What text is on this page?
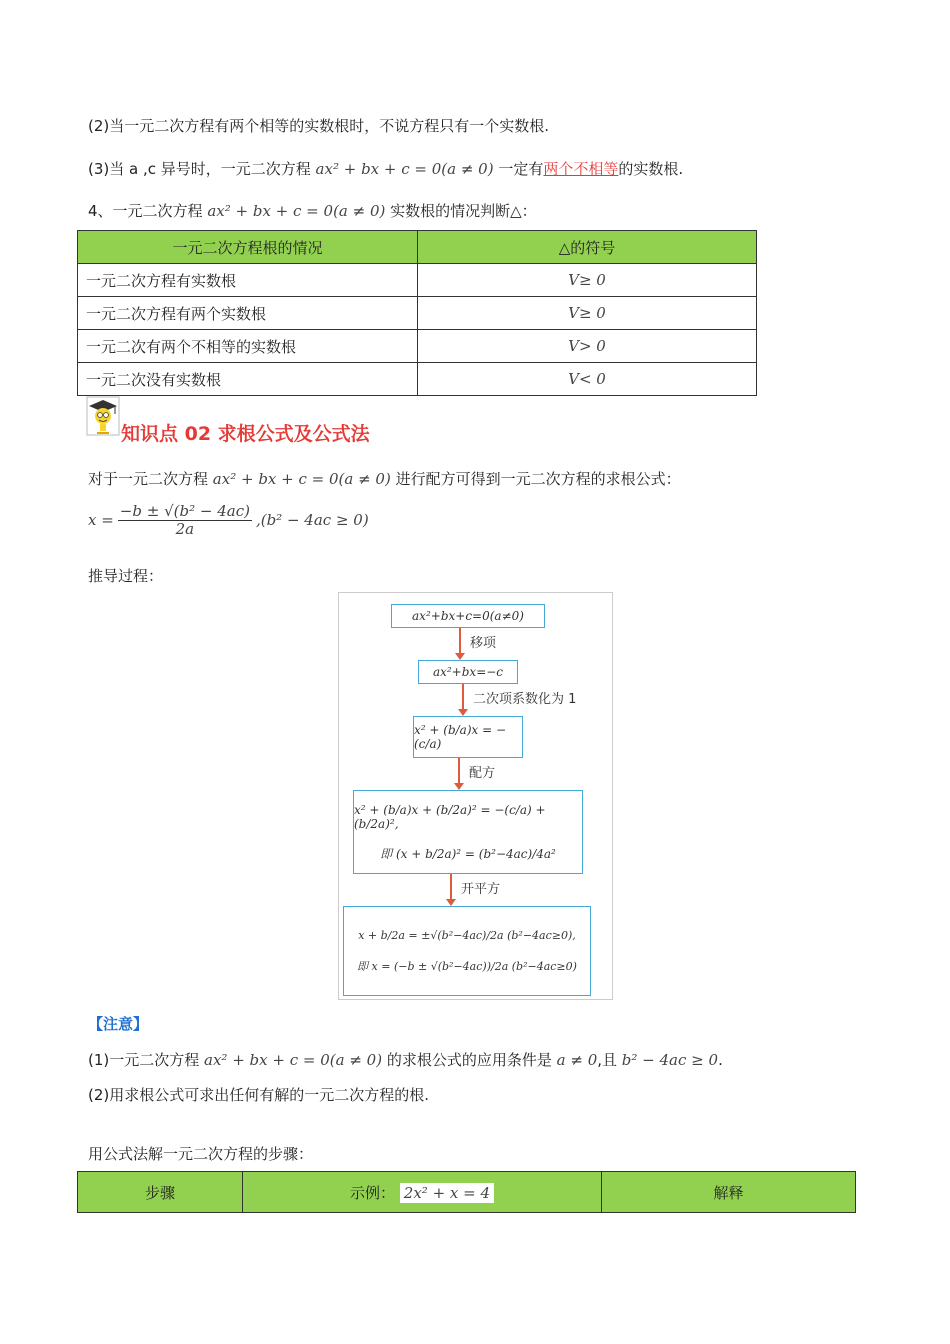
(2)当一元二次方程有两个相等的实数根时，不说方程只有一个实数根.
(3)当 a ,c 异号时，一元二次方程 ax² + bx + c = 0(a ≠ 0) 一定有两个不相等的实数根.
4、一元二次方程 ax² + bx + c = 0(a ≠ 0) 实数根的情况判断△：
一元二次方程根的情况	△的符号
一元二次方程有实数根	V≥ 0
一元二次方程有两个实数根	V≥ 0
一元二次有两个不相等的实数根	V> 0
一元二次没有实数根	V< 0
知识点 02 求根公式及公式法
对于一元二次方程 ax² + bx + c = 0(a ≠ 0) 进行配方可得到一元二次方程的求根公式：
$x = \frac{\text{−b ± √(b² − 4ac)}}{2a} ,(b^2 - 4ac \ge 0)$
推导过程：
ax²+bx+c=0(a≠0)
移项
ax²+bx=−c
二次项系数化为 1
x² + (b/a)x = −(c/a)
配方
x² + (b/a)x + (b/2a)² = −(c/a) + (b/2a)²,
即 (x + b/2a)² = (b²−4ac)/4a²
开平方
x + b/2a = ±√(b²−4ac)/2a (b²−4ac≥0),
即 x = (−b ± √(b²−4ac))/2a (b²−4ac≥0)
【注意】
(1)一元二次方程 ax² + bx + c = 0(a ≠ 0) 的求根公式的应用条件是 a ≠ 0,且 b² − 4ac ≥ 0.
(2)用求根公式可求出任何有解的一元二次方程的根.
用公式法解一元二次方程的步骤：
步骤	示例： 2x² + x = 4	解释
